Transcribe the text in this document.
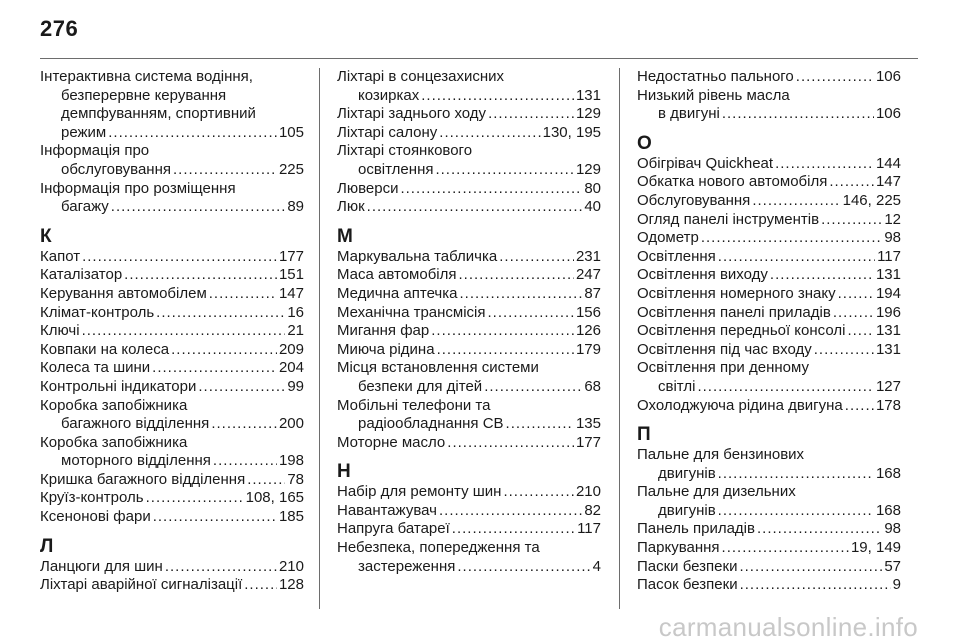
276
Інтерактивна система водіння,
безперервне керування
демпфуванням, спортивний
режим .....	105
Інформація про
обслуговування .....	225
Інформація про розміщення
багажу .....	89
К
Капот .....	177
Каталізатор .....	151
Керування автомобілем .....	147
Клімат-контроль .....	16
Ключі .....	21
Ковпаки на колеса .....	209
Колеса та шини .....	204
Контрольні індикатори .....	99
Коробка запобіжника
багажного відділення .....	200
Коробка запобіжника
моторного відділення .....	198
Кришка багажного відділення .....	78
Круїз-контроль .....	108, 165
Ксенонові фари .....	185
Л
Ланцюги для шин .....	210
Ліхтарі аварійної сигналізації ..... 128
Ліхтарі в сонцезахисних
козирках .....	131
Ліхтарі заднього ходу .....	129
Ліхтарі салону .....	130, 195
Ліхтарі стоянкового
освітлення .....	129
Люверси .....	80
Люк .....	40
М
Маркувальна табличка .....	231
Маса автомобіля .....	247
Медична аптечка .....	87
Механічна трансмісія .....	156
Мигання фар .....	126
Миюча рідина .....	179
Місця встановлення системи
безпеки для дітей .....	68
Мобільні телефони та
радіообладнання СВ .....	135
Моторне масло .....	177
Н
Набір для ремонту шин .....	210
Навантажувач .....	82
Напруга батареї .....	117
Небезпека, попередження та
застереження .....	4
Недостатньо пального .....	106
Низький рівень масла
в двигуні .....	106
О
Обігрівач Quickheat .....	144
Обкатка нового автомобіля .....	147
Обслуговування .....	146, 225
Огляд панелі інструментів .....	12
Одометр .....	98
Освітлення .....	117
Освітлення виходу .....	131
Освітлення номерного знаку .....	194
Освітлення панелі приладів .....	196
Освітлення передньої консолі ..... 131
Освітлення під час входу .....	131
Освітлення при денному
світлі .....	127
Охолоджуюча рідина двигуна ..... 178
П
Пальне для бензинових
двигунів .....	168
Пальне для дизельних
двигунів .....	168
Панель приладів .....	98
Паркування .....	19, 149
Паски безпеки .....	57
Пасок безпеки .....	9
carmanualsonline.info
